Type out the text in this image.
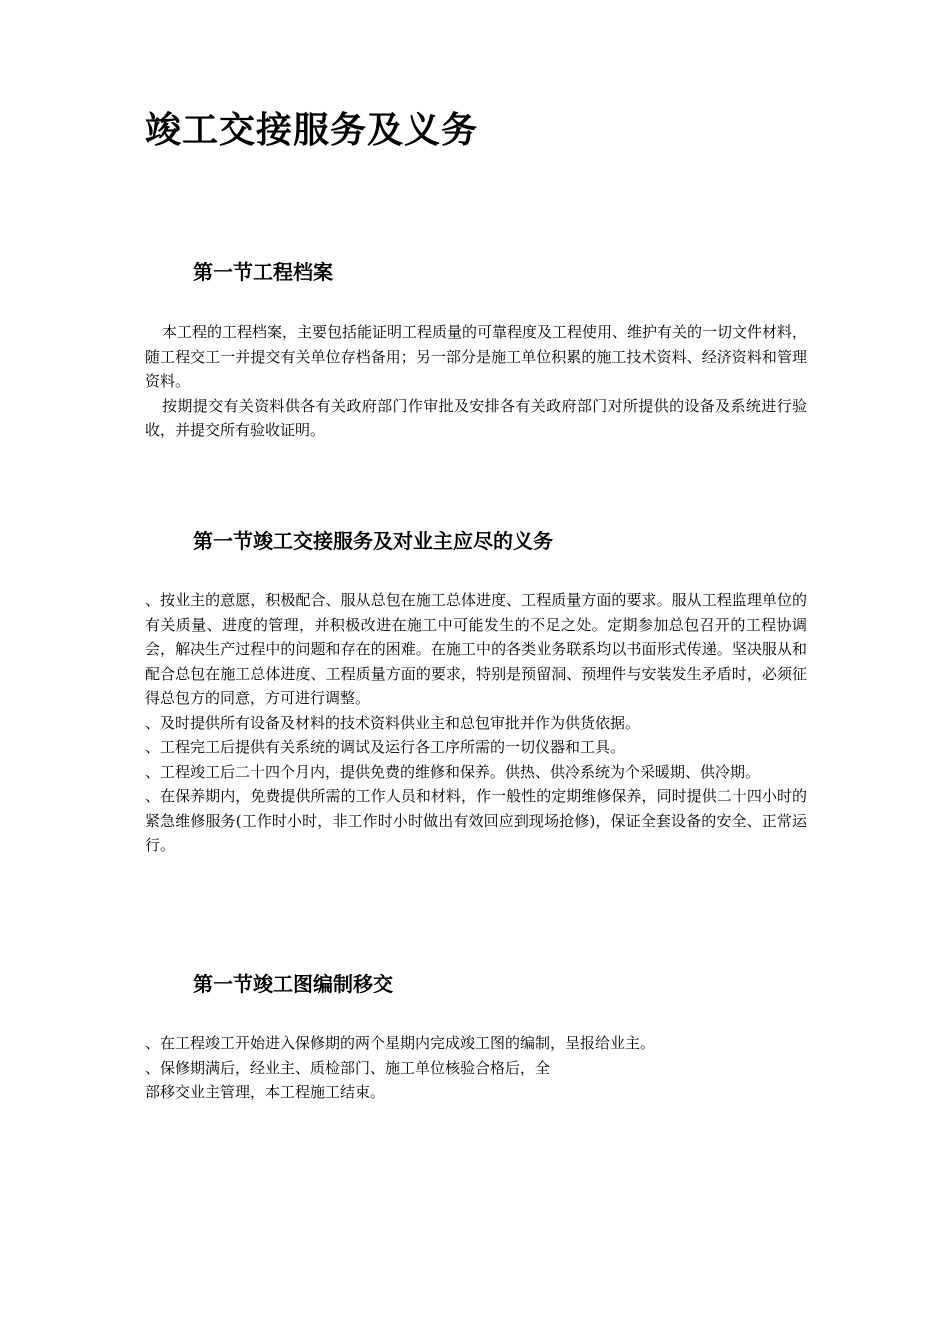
竣工交接服务及义务
第一节工程档案

本工程的工程档案，主要包括能证明工程质量的可靠程度及工程使用、维护有关的一切文件材料，随工程交工一并提交有关单位存档备用；另一部分是施工单位积累的施工技术资料、经济资料和管理资料。

按期提交有关资料供各有关政府部门作审批及安排各有关政府部门对所提供的设备及系统进行验收，并提交所有验收证明。

第一节竣工交接服务及对业主应尽的义务

、按业主的意愿，积极配合、服从总包在施工总体进度、工程质量方面的要求。服从工程监理单位的有关质量、进度的管理，并积极改进在施工中可能发生的不足之处。定期参加总包召开的工程协调会，解决生产过程中的问题和存在的困难。在施工中的各类业务联系均以书面形式传递。坚决服从和配合总包在施工总体进度、工程质量方面的要求，特别是预留洞、预埋件与安装发生矛盾时，必须征得总包方的同意，方可进行调整。

、及时提供所有设备及材料的技术资料供业主和总包审批并作为供货依据。

、工程完工后提供有关系统的调试及运行各工序所需的一切仪器和工具。

、工程竣工后二十四个月内，提供免费的维修和保养。供热、供冷系统为个采暖期、供冷期。

、在保养期内，免费提供所需的工作人员和材料，作一般性的定期维修保养，同时提供二十四小时的紧急维修服务(工作时小时，非工作时小时做出有效回应到现场抢修)，保证全套设备的安全、正常运行。

第一节竣工图编制移交

、在工程竣工开始进入保修期的两个星期内完成竣工图的编制，呈报给业主。

、保修期满后，经业主、质检部门、施工单位核验合格后，全

部移交业主管理，本工程施工结束。
